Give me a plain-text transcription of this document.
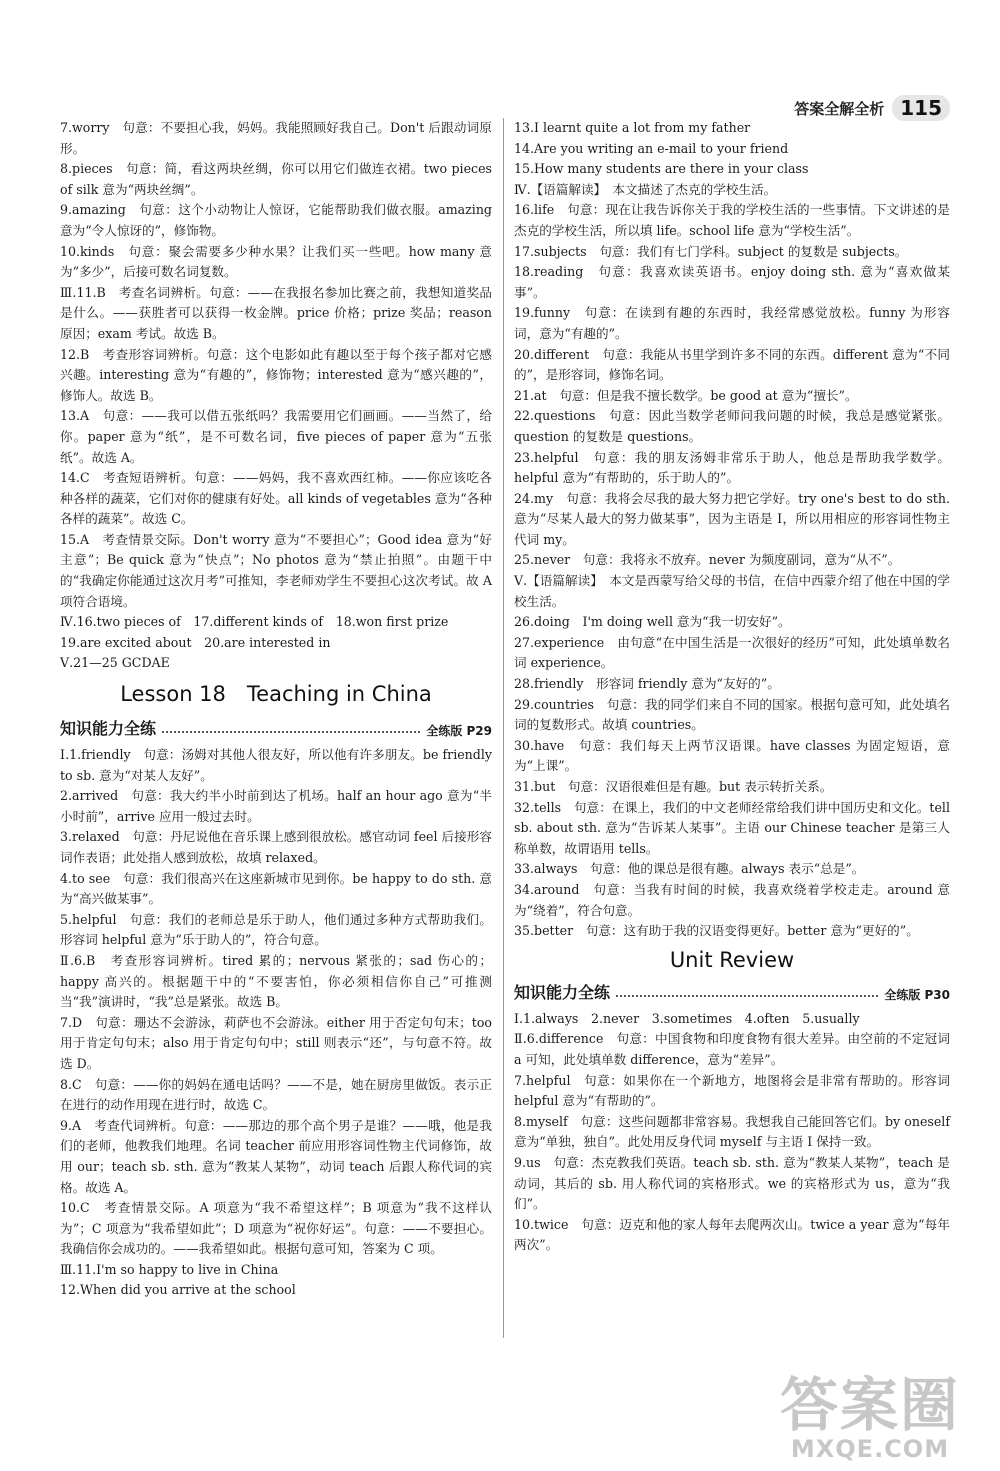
答案全解全析 115

7.worry　句意：不要担心我，妈妈。我能照顾好我自己。Don't 后跟动词原形。

8.pieces　句意：简，看这两块丝绸，你可以用它们做连衣裙。two pieces of silk 意为“两块丝绸”。

9.amazing　句意：这个小动物让人惊讶，它能帮助我们做衣服。amazing 意为“令人惊讶的”，修饰物。

10.kinds　句意：聚会需要多少种水果？让我们买一些吧。how many 意为“多少”，后接可数名词复数。

Ⅲ.11.B　考查名词辨析。句意：——在我报名参加比赛之前，我想知道奖品是什么。——获胜者可以获得一枚金牌。price 价格；prize 奖品；reason 原因；exam 考试。故选 B。

12.B　考查形容词辨析。句意：这个电影如此有趣以至于每个孩子都对它感兴趣。interesting 意为“有趣的”，修饰物；interested 意为“感兴趣的”，修饰人。故选 B。

13.A　句意：——我可以借五张纸吗？我需要用它们画画。——当然了，给你。paper 意为“纸”，是不可数名词，five pieces of paper 意为“五张纸”。故选 A。

14.C　考查短语辨析。句意：——妈妈，我不喜欢西红柿。——你应该吃各种各样的蔬菜，它们对你的健康有好处。all kinds of vegetables 意为“各种各样的蔬菜”。故选 C。

15.A　考查情景交际。Don't worry 意为“不要担心”；Good idea 意为“好主意”；Be quick 意为“快点”；No photos 意为“禁止拍照”。由题干中的“我确定你能通过这次月考”可推知，李老师劝学生不要担心这次考试。故 A 项符合语境。

Ⅳ.16.two pieces of　17.different kinds of　18.won first prize

19.are excited about　20.are interested in

Ⅴ.21—25 GCDAE

Lesson 18　Teaching in China
知识能力全练	全练版 P29

Ⅰ.1.friendly　句意：汤姆对其他人很友好，所以他有许多朋友。be friendly to sb. 意为“对某人友好”。

2.arrived　句意：我大约半小时前到达了机场。half an hour ago 意为“半小时前”，arrive 应用一般过去时。

3.relaxed　句意：丹尼说他在音乐课上感到很放松。感官动词 feel 后接形容词作表语；此处指人感到放松，故填 relaxed。

4.to see　句意：我们很高兴在这座新城市见到你。be happy to do sth. 意为“高兴做某事”。

5.helpful　句意：我们的老师总是乐于助人，他们通过多种方式帮助我们。形容词 helpful 意为“乐于助人的”，符合句意。

Ⅱ.6.B　考查形容词辨析。tired 累的；nervous 紧张的；sad 伤心的；happy 高兴的。根据题干中的“不要害怕，你必须相信你自己”可推测当“我”演讲时，“我”总是紧张。故选 B。

7.D　句意：珊达不会游泳，莉萨也不会游泳。either 用于否定句句末；too 用于肯定句句末；also 用于肯定句句中；still 则表示“还”，与句意不符。故选 D。

8.C　句意：——你的妈妈在通电话吗？——不是，她在厨房里做饭。表示正在进行的动作用现在进行时，故选 C。

9.A　考查代词辨析。句意：——那边的那个高个男子是谁？——哦，他是我们的老师，他教我们地理。名词 teacher 前应用形容词性物主代词修饰，故用 our；teach sb. sth. 意为“教某人某物”，动词 teach 后跟人称代词的宾格。故选 A。

10.C　考查情景交际。A 项意为“我不希望这样”；B 项意为“我不这样认为”；C 项意为“我希望如此”；D 项意为“祝你好运”。句意：——不要担心。我确信你会成功的。——我希望如此。根据句意可知，答案为 C 项。

Ⅲ.11.I'm so happy to live in China

12.When did you arrive at the school

13.I learnt quite a lot from my father

14.Are you writing an e-mail to your friend

15.How many students are there in your class

Ⅳ.【语篇解读】　本文描述了杰克的学校生活。

16.life　句意：现在让我告诉你关于我的学校生活的一些事情。下文讲述的是杰克的学校生活，所以填 life。school life 意为“学校生活”。

17.subjects　句意：我们有七门学科。subject 的复数是 subjects。

18.reading　句意：我喜欢读英语书。enjoy doing sth. 意为“喜欢做某事”。

19.funny　句意：在读到有趣的东西时，我经常感觉放松。funny 为形容词，意为“有趣的”。

20.different　句意：我能从书里学到许多不同的东西。different 意为“不同的”，是形容词，修饰名词。

21.at　句意：但是我不擅长数学。be good at 意为“擅长”。

22.questions　句意：因此当数学老师问我问题的时候，我总是感觉紧张。question 的复数是 questions。

23.helpful　句意：我的朋友汤姆非常乐于助人，他总是帮助我学数学。helpful 意为“有帮助的，乐于助人的”。

24.my　句意：我将会尽我的最大努力把它学好。try one's best to do sth. 意为“尽某人最大的努力做某事”，因为主语是 I，所以用相应的形容词性物主代词 my。

25.never　句意：我将永不放弃。never 为频度副词，意为“从不”。

Ⅴ.【语篇解读】　本文是西蒙写给父母的书信，在信中西蒙介绍了他在中国的学校生活。

26.doing　I'm doing well 意为“我一切安好”。

27.experience　由句意“在中国生活是一次很好的经历”可知，此处填单数名词 experience。

28.friendly　形容词 friendly 意为“友好的”。

29.countries　句意：我的同学们来自不同的国家。根据句意可知，此处填名词的复数形式。故填 countries。

30.have　句意：我们每天上两节汉语课。have classes 为固定短语，意为“上课”。

31.but　句意：汉语很难但是有趣。but 表示转折关系。

32.tells　句意：在课上，我们的中文老师经常给我们讲中国历史和文化。tell sb. about sth. 意为“告诉某人某事”。主语 our Chinese teacher 是第三人称单数，故谓语用 tells。

33.always　句意：他的课总是很有趣。always 表示“总是”。

34.around　句意：当我有时间的时候，我喜欢绕着学校走走。around 意为“绕着”，符合句意。

35.better　句意：这有助于我的汉语变得更好。better 意为“更好的”。

Unit Review
知识能力全练	全练版 P30

Ⅰ.1.always　2.never　3.sometimes　4.often　5.usually

Ⅱ.6.difference　句意：中国食物和印度食物有很大差异。由空前的不定冠词 a 可知，此处填单数 difference，意为“差异”。

7.helpful　句意：如果你在一个新地方，地图将会是非常有帮助的。形容词 helpful 意为“有帮助的”。

8.myself　句意：这些问题都非常容易。我想我自己能回答它们。by oneself 意为“单独，独自”。此处用反身代词 myself 与主语 I 保持一致。

9.us　句意：杰克教我们英语。teach sb. sth. 意为“教某人某物”，teach 是动词，其后的 sb. 用人称代词的宾格形式。we 的宾格形式为 us，意为“我们”。

10.twice　句意：迈克和他的家人每年去爬两次山。twice a year 意为“每年两次”。

答案圈
MXQE.COM
